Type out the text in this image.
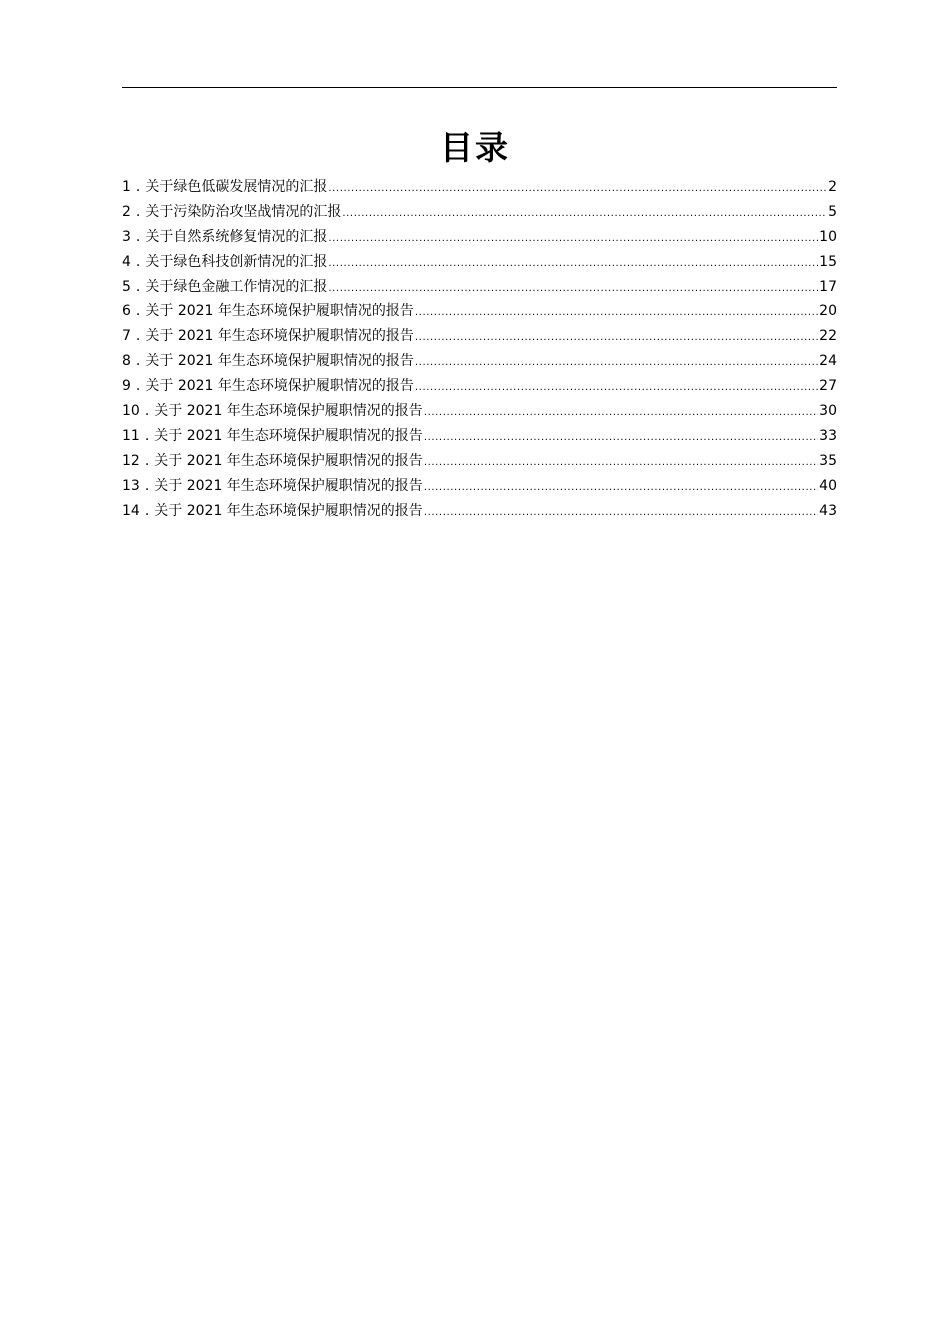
目录
1 . 关于绿色低碳发展情况的汇报 .....	2
2 . 关于污染防治攻坚战情况的汇报 .....	5
3 . 关于自然系统修复情况的汇报 .....	10
4 . 关于绿色科技创新情况的汇报 .....	15
5 . 关于绿色金融工作情况的汇报 .....	17
6 . 关于 2021 年生态环境保护履职情况的报告 .....	20
7 . 关于 2021 年生态环境保护履职情况的报告 .....	22
8 . 关于 2021 年生态环境保护履职情况的报告 .....	24
9 . 关于 2021 年生态环境保护履职情况的报告 .....	27
10 . 关于 2021 年生态环境保护履职情况的报告 .....	30
11 . 关于 2021 年生态环境保护履职情况的报告 .....	33
12 . 关于 2021 年生态环境保护履职情况的报告 .....	35
13 . 关于 2021 年生态环境保护履职情况的报告 .....	40
14 . 关于 2021 年生态环境保护履职情况的报告 .....	43
